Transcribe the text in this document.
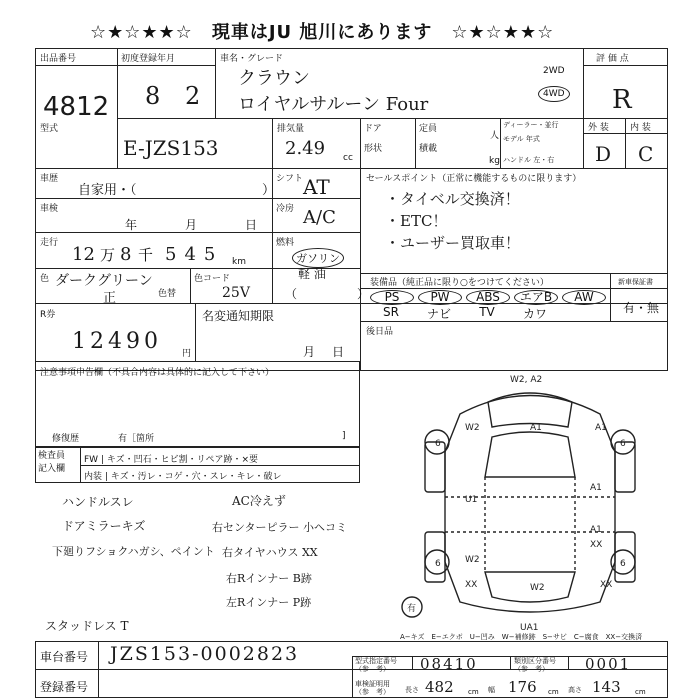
☆★☆★★☆　現車はJU 旭川にあります　☆★☆★★☆
出品番号
4812
初度登録年月
8 2
車名・グレード
クラウン
ロイヤルサルーン Four
2WD
4WD
評 価 点
R
外 装 内 装
D C
型式
E-JZS153
排気量
2.49 cc
ドア	定員
人
形状	積載
kg
ディーラー・並行
モデル 年式
ハンドル 左・右
車歴
自家用・（	）
シフト AT	セールスポイント（正常に機能するものに限ります）
・タイベル交換済！
・ETC！
・ユーザー買取車！
車検
年	月	日
冷房 A/C
走行
12 万 8 千 545 km
燃料
ガソリン
軽 油
（　　　　　）
色 ダークグリーン
正	色替
色コード
25V
装備品（純正品に限り○をつけてください）	新車保証書
有・無
PS	PW	ABS	エアB	AW
SR	ナビ	TV	カワ
R券
12490 円
名変通知期限
月 日
後日品
注意事項申告欄（不具合内容は具体的に記入して下さい）
修復歴	有［箇所	]
検査員
記入欄
FW | キズ・凹石・ヒビ割・リペア跡・×要
内装 | キズ・汚レ・コゲ・穴・スレ・キレ・破レ
ハンドルスレ
ドアミラーキズ
下廻りフショクハガシ、ペイント
AC冷えず
右センターピラー 小ヘコミ
右タイヤハウス XX
右Rインナー B跡
左Rインナー P跡
スタッドレス T
W2, A2
A1	A1
W2
6	6
6	6
U1
A1
A1
XX
XX	XX
W2
W2
有
UA1
A−キズ　E−エクボ　U−凹み　W−補修跡　S−サビ　C−腐食　XX−交換済
車台番号 JZS153-0002823
登録番号
型式指定番号
（参　考）	08410	類別区分番号
（参　考）	0001
車検証明用
（参　考） 長さ 482 cm 幅 176 cm 高さ 143 cm
